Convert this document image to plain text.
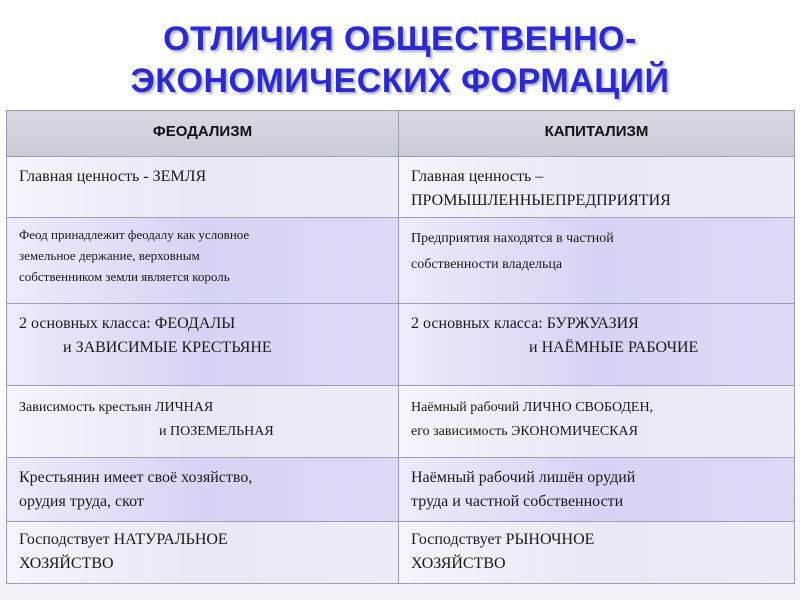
ОТЛИЧИЯ ОБЩЕСТВЕННО-
ЭКОНОМИЧЕСКИХ ФОРМАЦИЙ
ФЕОДАЛИЗМ	КАПИТАЛИЗМ

Главная ценность - ЗЕМЛЯ	Главная ценность –
ПРОМЫШЛЕННЫЕПРЕДПРИЯТИЯ

Феод принадлежит феодалу как условное
земельное держание, верховным
собственником земли является король	Предприятия находятся в частной
собственности владельца

2 основных класса: ФЕОДАЛЫ
и ЗАВИСИМЫЕ КРЕСТЬЯНЕ	2 основных класса: БУРЖУАЗИЯ
и НАЁМНЫЕ РАБОЧИЕ

Зависимость крестьян ЛИЧНАЯ
и ПОЗЕМЕЛЬНАЯ	Наёмный рабочий ЛИЧНО СВОБОДЕН,
его зависимость ЭКОНОМИЧЕСКАЯ

Крестьянин имеет своё хозяйство,
орудия труда, скот	Наёмный рабочий лишён орудий
труда и частной собственности

Господствует НАТУРАЛЬНОЕ
ХОЗЯЙСТВО	Господствует РЫНОЧНОЕ
ХОЗЯЙСТВО
